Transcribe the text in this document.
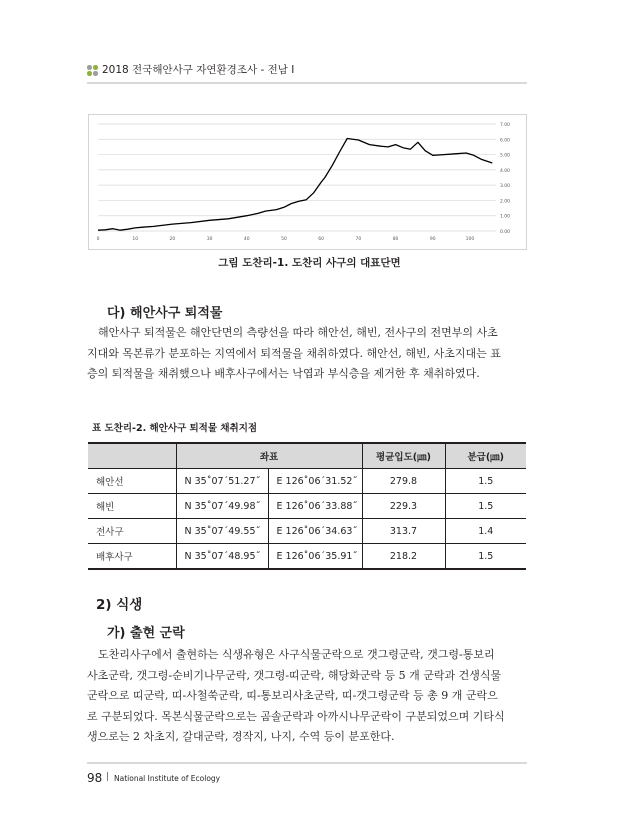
2018 전국해안사구 자연환경조사 - 전남 I
0.00
1.00
2.00
3.00
4.00
5.00
6.00
7.00
0	10	20	30	40	50	60	70	80	90	100
그림 도찬리-1. 도찬리 사구의 대표단면
다) 해안사구 퇴적물
해안사구 퇴적물은 해안단면의 측량선을 따라 해안선, 해빈, 전사구의 전면부의 사초
지대와 목본류가 분포하는 지역에서 퇴적물을 채취하였다. 해안선, 해빈, 사초지대는 표
층의 퇴적물을 채취했으나 배후사구에서는 낙엽과 부식층을 제거한 후 채취하였다.
표 도찬리-2. 해안사구 퇴적물 채취지점
	좌표		평균입도(㎛)	분급(㎛)
해안선	N 35˚07´51.27˝	E 126˚06´31.52˝	279.8	1.5
해빈	N 35˚07´49.98˝	E 126˚06´33.88˝	229.3	1.5
전사구	N 35˚07´49.55˝	E 126˚06´34.63˝	313.7	1.4
배후사구	N 35˚07´48.95˝	E 126˚06´35.91˝	218.2	1.5
2) 식생
가) 출현 군락
도찬리사구에서 출현하는 식생유형은 사구식물군락으로 갯그령군락, 갯그령-통보리
사초군락, 갯그령-순비기나무군락, 갯그령-띠군락, 해당화군락 등 5 개 군락과 건생식물
군락으로 띠군락, 띠-사철쑥군락, 띠-통보리사초군락, 띠-갯그령군락 등 총 9 개 군락으
로 구분되었다. 목본식물군락으로는 곰솔군락과 아까시나무군락이 구분되었으며 기타식
생으로는 2 차초지, 갈대군락, 경작지, 나지, 수역 등이 분포한다.
98 | National Institute of Ecology
